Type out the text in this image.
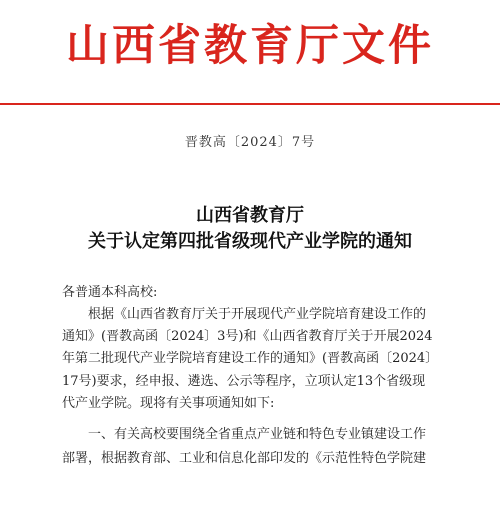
山西省教育厅文件
晋教高〔2024〕7号
山西省教育厅
关于认定第四批省级现代产业学院的通知
各普通本科高校:
根据《山西省教育厅关于开展现代产业学院培育建设工作的
通知》(晋教高函〔2024〕3号)和《山西省教育厅关于开展2024
年第二批现代产业学院培育建设工作的通知》(晋教高函〔2024〕
17号)要求，经申报、遴选、公示等程序，立项认定13个省级现
代产业学院。现将有关事项通知如下:
一、有关高校要围绕全省重点产业链和特色专业镇建设工作
部署，根据教育部、工业和信息化部印发的《示范性特色学院建
